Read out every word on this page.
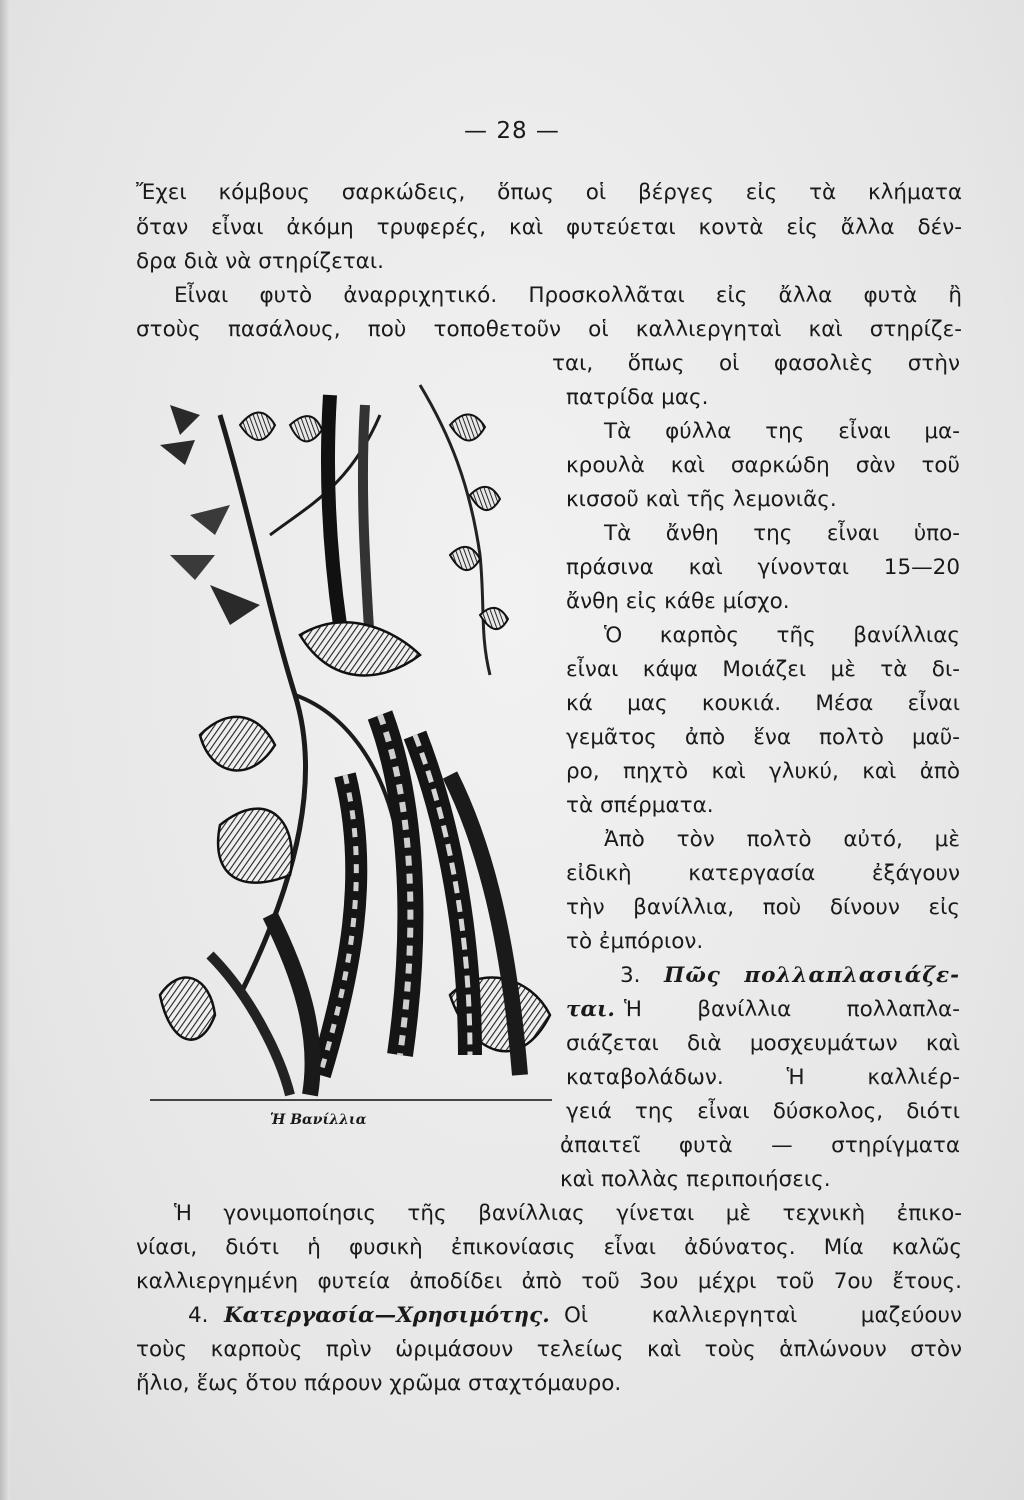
— 28 —

Ἔχει κόμβους σαρκώδεις, ὅπως οἱ βέργες εἰς τὰ κλήματα

ὅταν εἶναι ἀκόμη τρυφερές, καὶ φυτεύεται κοντὰ εἰς ἄλλα δέν-

δρα διὰ νὰ στηρίζεται.

Εἶναι φυτὸ ἀναρριχητικό. Προσκολλᾶται εἰς ἄλλα φυτὰ ἢ

στοὺς πασάλους, ποὺ τοποθετοῦν οἱ καλλιεργηταὶ καὶ στηρίζε-

ται, ὅπως οἱ φασολιὲς στὴν

πατρίδα μας.

Τὰ φύλλα της εἶναι μα-

κρουλὰ καὶ σαρκώδη σὰν τοῦ

κισσοῦ καὶ τῆς λεμονιᾶς.

Τὰ ἄνθη της εἶναι ὑπο-

πράσινα καὶ γίνονται 15—20

ἄνθη εἰς κάθε μίσχο.

Ὁ καρπὸς τῆς βανίλλιας

εἶναι κάψα Μοιάζει μὲ τὰ δι-

κά μας κουκιά. Μέσα εἶναι

γεμᾶτος ἀπὸ ἕνα πολτὸ μαῦ-

ρο, πηχτὸ καὶ γλυκύ, καὶ ἀπὸ

τὰ σπέρματα.

Ἀπὸ τὸν πολτὸ αὐτό, μὲ

εἰδικὴ κατεργασία ἐξάγουν

τὴν βανίλλια, ποὺ δίνουν εἰς

τὸ ἐμπόριον.

3. Πῶς πολλαπλασιάζε-
ται. Ἡ βανίλλια πολλαπλα-

σιάζεται διὰ μοσχευμάτων καὶ

καταβολάδων. Ἡ καλλιέρ-

γειά της εἶναι δύσκολος, διότι

ἀπαιτεῖ φυτὰ — στηρίγματα

καὶ πολλὰς περιποιήσεις.

Ἡ γονιμοποίησις τῆς βανίλλιας γίνεται μὲ τεχνικὴ ἐπικο-

νίασι, διότι ἡ φυσικὴ ἐπικονίασις εἶναι ἀδύνατος. Μία καλῶς

καλλιεργημένη φυτεία ἀποδίδει ἀπὸ τοῦ 3ου μέχρι τοῦ 7ου ἔτους.

4. Κατεργασία—Χρησιμότης. Οἱ καλλιεργηταὶ μαζεύουν

τοὺς καρποὺς πρὶν ὡριμάσουν τελείως καὶ τοὺς ἁπλώνουν στὸν

ἥλιο, ἕως ὅτου πάρουν χρῶμα σταχτόμαυρο.

Ἡ Βανίλλια
